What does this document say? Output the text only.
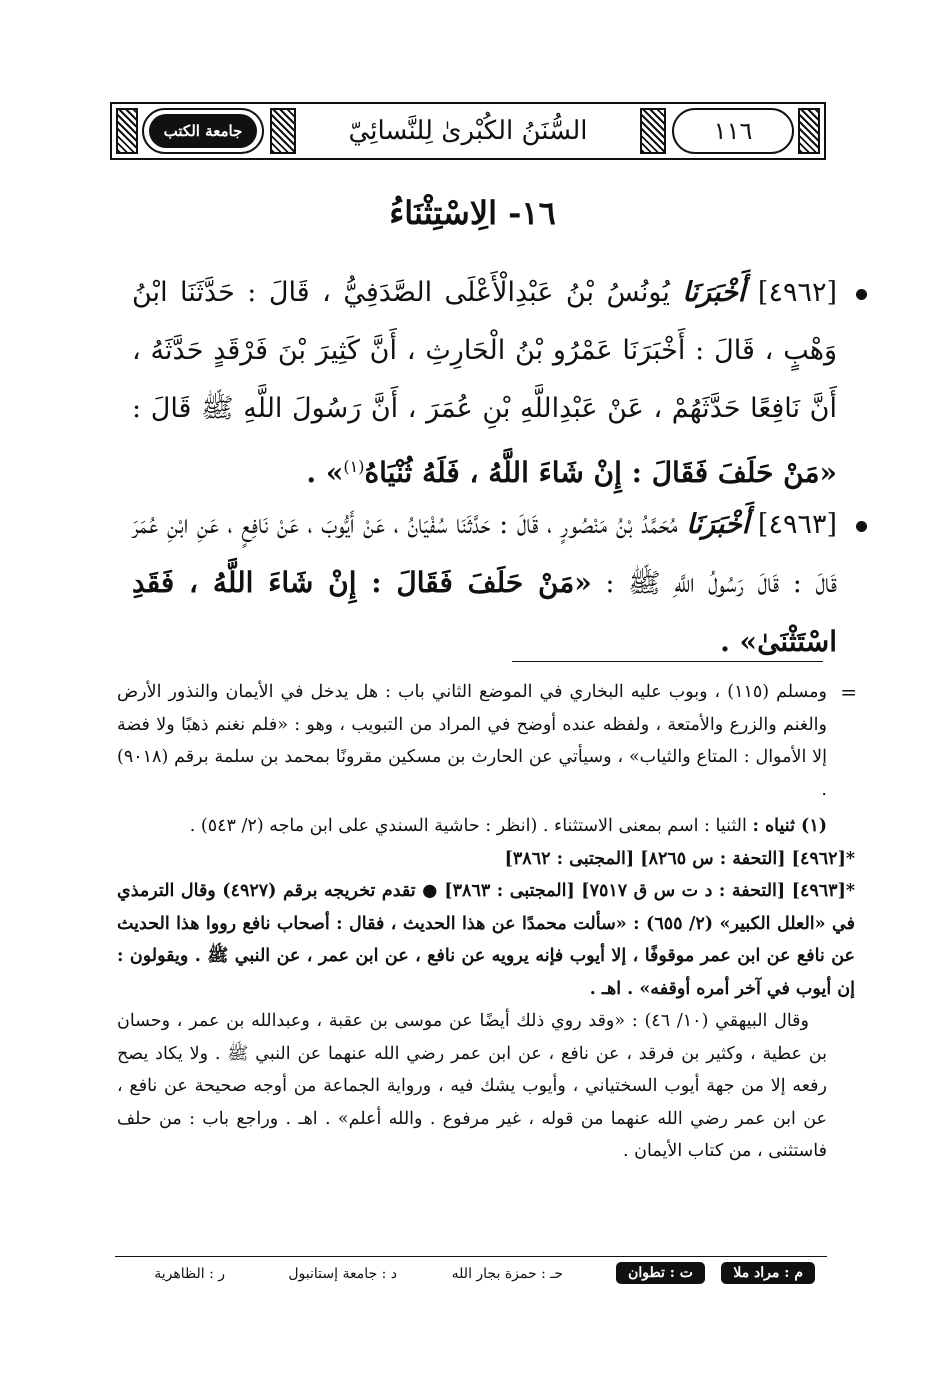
جامعة الكتب	السُّنَنُ الكُبْرىٰ لِلنَّسائِيّ	١١٦
١٦- الِاسْتِثْنَاءُ
[٤٩٦٢] أَخْبَرَنَا يُونُسُ بْنُ عَبْدِالْأَعْلَى الصَّدَفِيُّ ، قَالَ : حَدَّثَنَا ابْنُ وَهْبٍ ، قَالَ : أَخْبَرَنَا عَمْرُو بْنُ الْحَارِثِ ، أَنَّ كَثِيرَ بْنَ فَرْقَدٍ حَدَّثَهُ ، أَنَّ نَافِعًا حَدَّثَهُمْ ، عَنْ عَبْدِاللَّهِ بْنِ عُمَرَ ، أَنَّ رَسُولَ اللَّهِ ﷺ قَالَ : «مَنْ حَلَفَ فَقَالَ : إِنْ شَاءَ اللَّهُ ، فَلَهُ ثُنْيَاهُ$^{(١)}$» .
[٤٩٦٣] أَخْبَرَنَا مُحَمَّدُ بْنُ مَنْصُورٍ ، قَالَ : حَدَّثَنَا سُفْيَانُ ، عَنْ أَيُّوبَ ، عَنْ نَافِعٍ ، عَنِ ابْنِ عُمَرَ قَالَ : قَالَ رَسُولُ اللَّهِ ﷺ : «مَنْ حَلَفَ فَقَالَ : إِنْ شَاءَ اللَّهُ ، فَقَدِ اسْتَثْنَىٰ» .
=

ومسلم (١١٥) ، وبوب عليه البخاري في الموضع الثاني باب : هل يدخل في الأيمان والنذور الأرض والغنم والزرع والأمتعة ، ولفظه عنده أوضح في المراد من التبويب ، وهو : «فلم نغنم ذهبًا ولا فضة إلا الأموال : المتاع والثياب» ، وسيأتي عن الحارث بن مسكين مقرونًا بمحمد بن سلمة برقم (٩٠١٨) .

(١) ثنياه : الثنيا : اسم بمعنى الاستثناء . (انظر : حاشية السندي على ابن ماجه (٢/ ٥٤٣) .

*[٤٩٦٢] [التحفة : س ٨٢٦٥] [المجتبى : ٣٨٦٢]

*[٤٩٦٣] [التحفة : د ت س ق ٧٥١٧] [المجتبى : ٣٨٦٣] ● تقدم تخريجه برقم (٤٩٢٧) وقال الترمذي في «العلل الكبير» (٢/ ٦٥٥) : «سألت محمدًا عن هذا الحديث ، فقال : أصحاب نافع رووا هذا الحديث عن نافع عن ابن عمر موقوفًا ، إلا أيوب فإنه يرويه عن نافع ، عن ابن عمر ، عن النبي ﷺ . ويقولون : إن أيوب في آخر أمره أوقفه» . اهـ .

وقال البيهقي (١٠/ ٤٦) : «وقد روي ذلك أيضًا عن موسى بن عقبة ، وعبدالله بن عمر ، وحسان بن عطية ، وكثير بن فرقد ، عن نافع ، عن ابن عمر رضي الله عنهما عن النبي ﷺ . ولا يكاد يصح رفعه إلا من جهة أيوب السختياني ، وأيوب يشك فيه ، ورواية الجماعة من أوجه صحيحة عن نافع ، عن ابن عمر رضي الله عنهما من قوله ، غير مرفوع . والله أعلم» . اهـ . وراجع باب : من حلف فاستثنى ، من كتاب الأيمان .

م : مراد ملا
ت : تطوان
حـ : حمزة بجار الله
د : جامعة إستانبول
ر : الظاهرية
